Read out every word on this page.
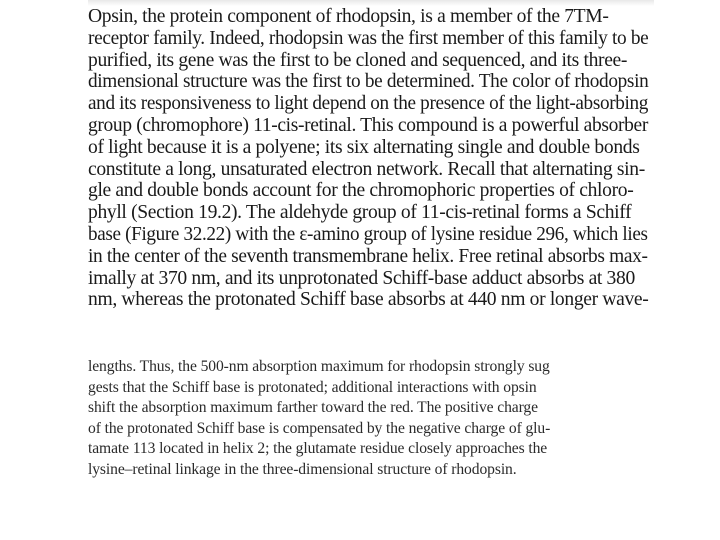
Opsin, the protein component of rhodopsin, is a member of the 7TM-
receptor family. Indeed, rhodopsin was the first member of this family to be
purified, its gene was the first to be cloned and sequenced, and its three-
dimensional structure was the first to be determined. The color of rhodopsin
and its responsiveness to light depend on the presence of the light-absorbing
group (chromophore) 11-cis-retinal. This compound is a powerful absorber
of light because it is a polyene; its six alternating single and double bonds
constitute a long, unsaturated electron network. Recall that alternating sin-
gle and double bonds account for the chromophoric properties of chloro-
phyll (Section 19.2). The aldehyde group of 11-cis-retinal forms a Schiff
base (Figure 32.22) with the ε-amino group of lysine residue 296, which lies
in the center of the seventh transmembrane helix. Free retinal absorbs max-
imally at 370 nm, and its unprotonated Schiff-base adduct absorbs at 380
nm, whereas the protonated Schiff base absorbs at 440 nm or longer wave-
lengths. Thus, the 500-nm absorption maximum for rhodopsin strongly sug
gests that the Schiff base is protonated; additional interactions with opsin
shift the absorption maximum farther toward the red. The positive charge
of the protonated Schiff base is compensated by the negative charge of glu-
tamate 113 located in helix 2; the glutamate residue closely approaches the
lysine–retinal linkage in the three-dimensional structure of rhodopsin.
